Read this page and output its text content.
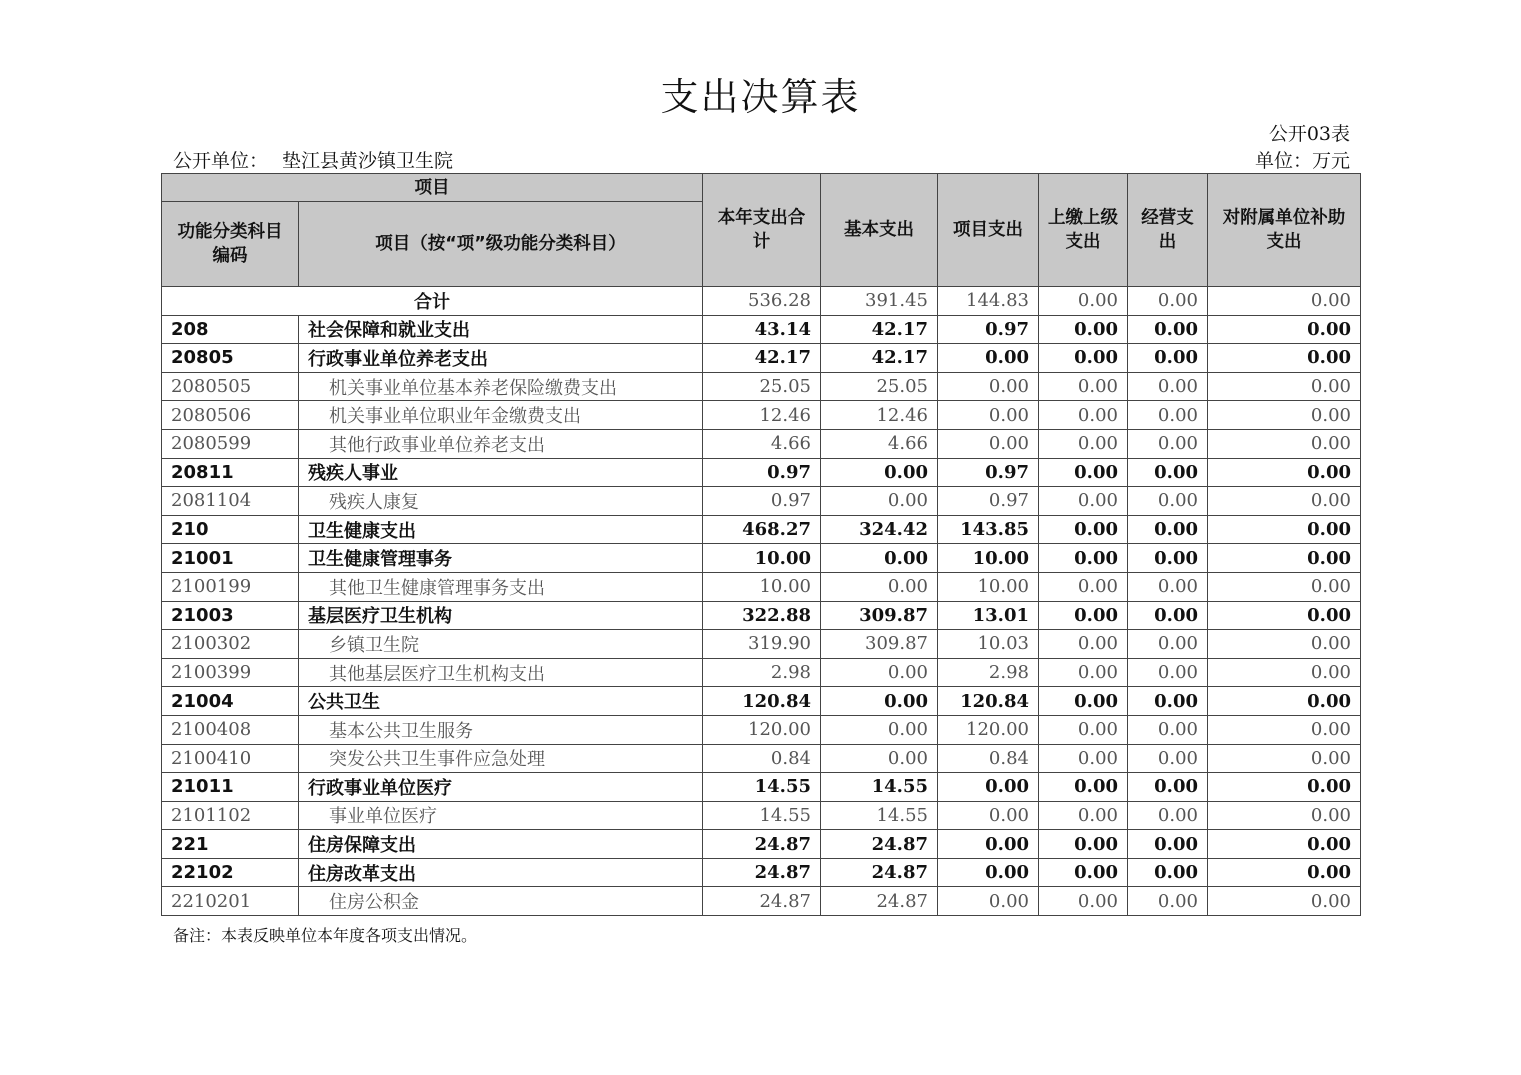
支出决算表
公开03表
公开单位： 垫江县黄沙镇卫生院	单位：万元
项目		本年支出合计	基本支出	项目支出	上缴上级支出	经营支出	对附属单位补助支出
功能分类科目编码	项目（按“项”级功能分类科目）						
合计		536.28	391.45	144.83	0.00	0.00	0.00
208	社会保障和就业支出	43.14	42.17	0.97	0.00	0.00	0.00
20805	行政事业单位养老支出	42.17	42.17	0.00	0.00	0.00	0.00
2080505	机关事业单位基本养老保险缴费支出	25.05	25.05	0.00	0.00	0.00	0.00
2080506	机关事业单位职业年金缴费支出	12.46	12.46	0.00	0.00	0.00	0.00
2080599	其他行政事业单位养老支出	4.66	4.66	0.00	0.00	0.00	0.00
20811	残疾人事业	0.97	0.00	0.97	0.00	0.00	0.00
2081104	残疾人康复	0.97	0.00	0.97	0.00	0.00	0.00
210	卫生健康支出	468.27	324.42	143.85	0.00	0.00	0.00
21001	卫生健康管理事务	10.00	0.00	10.00	0.00	0.00	0.00
2100199	其他卫生健康管理事务支出	10.00	0.00	10.00	0.00	0.00	0.00
21003	基层医疗卫生机构	322.88	309.87	13.01	0.00	0.00	0.00
2100302	乡镇卫生院	319.90	309.87	10.03	0.00	0.00	0.00
2100399	其他基层医疗卫生机构支出	2.98	0.00	2.98	0.00	0.00	0.00
21004	公共卫生	120.84	0.00	120.84	0.00	0.00	0.00
2100408	基本公共卫生服务	120.00	0.00	120.00	0.00	0.00	0.00
2100410	突发公共卫生事件应急处理	0.84	0.00	0.84	0.00	0.00	0.00
21011	行政事业单位医疗	14.55	14.55	0.00	0.00	0.00	0.00
2101102	事业单位医疗	14.55	14.55	0.00	0.00	0.00	0.00
221	住房保障支出	24.87	24.87	0.00	0.00	0.00	0.00
22102	住房改革支出	24.87	24.87	0.00	0.00	0.00	0.00
2210201	住房公积金	24.87	24.87	0.00	0.00	0.00	0.00
备注：本表反映单位本年度各项支出情况。
